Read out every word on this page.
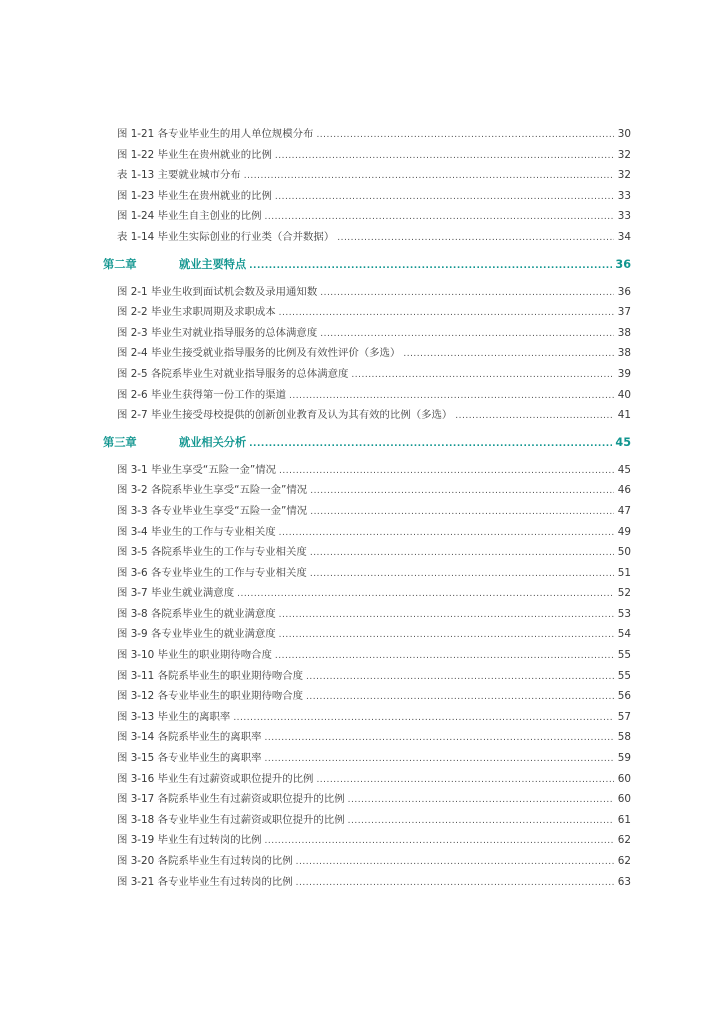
图 1-21 各专业毕业生的用人单位规模分布 .....	30
图 1-22 毕业生在贵州就业的比例 .....	32
表 1-13 主要就业城市分布 .....	32
图 1-23 毕业生在贵州就业的比例 .....	33
图 1-24 毕业生自主创业的比例 .....	33
表 1-14 毕业生实际创业的行业类（合并数据） .....	34
第二章	就业主要特点 .....	36
图 2-1 毕业生收到面试机会数及录用通知数 .....	36
图 2-2 毕业生求职周期及求职成本 .....	37
图 2-3 毕业生对就业指导服务的总体满意度 .....	38
图 2-4 毕业生接受就业指导服务的比例及有效性评价（多选） .....	38
图 2-5 各院系毕业生对就业指导服务的总体满意度 .....	39
图 2-6 毕业生获得第一份工作的渠道 .....	40
图 2-7 毕业生接受母校提供的创新创业教育及认为其有效的比例（多选） .....	41
第三章	就业相关分析 .....	45
图 3-1 毕业生享受“五险一金”情况 .....	45
图 3-2 各院系毕业生享受“五险一金”情况 .....	46
图 3-3 各专业毕业生享受“五险一金”情况 .....	47
图 3-4 毕业生的工作与专业相关度 .....	49
图 3-5 各院系毕业生的工作与专业相关度 .....	50
图 3-6 各专业毕业生的工作与专业相关度 .....	51
图 3-7 毕业生就业满意度 .....	52
图 3-8 各院系毕业生的就业满意度 .....	53
图 3-9 各专业毕业生的就业满意度 .....	54
图 3-10 毕业生的职业期待吻合度 .....	55
图 3-11 各院系毕业生的职业期待吻合度 .....	55
图 3-12 各专业毕业生的职业期待吻合度 .....	56
图 3-13 毕业生的离职率 .....	57
图 3-14 各院系毕业生的离职率 .....	58
图 3-15 各专业毕业生的离职率 .....	59
图 3-16 毕业生有过薪资或职位提升的比例 .....	60
图 3-17 各院系毕业生有过薪资或职位提升的比例 .....	60
图 3-18 各专业毕业生有过薪资或职位提升的比例 .....	61
图 3-19 毕业生有过转岗的比例 .....	62
图 3-20 各院系毕业生有过转岗的比例 .....	62
图 3-21 各专业毕业生有过转岗的比例 .....	63
